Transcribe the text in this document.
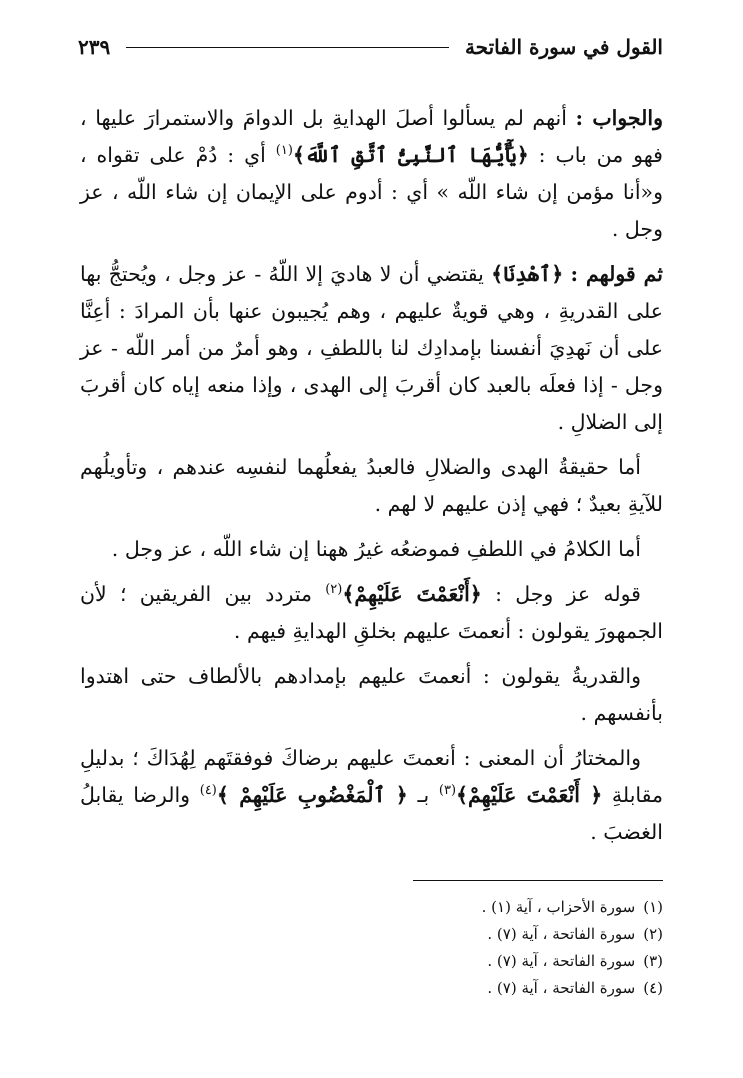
القول في سورة الفاتحة
٢٣٩

والجواب : أنهم لم يسألوا أصلَ الهدايةِ بل الدوامَ والاستمرارَ عليها ، فهو من باب : ﴿يَٰٓأَيُّهَا ٱلنَّبِىُّ ٱتَّقِ ٱللَّهَ﴾$^{(١)}$ أي : دُمْ على تقواه ، و«أنا مؤمن إن شاء اللّه » أي : أدوم على الإيمان إن شاء اللّه ، عز وجل .

ثم قولهم : ﴿ٱهْدِنَا﴾ يقتضي أن لا هاديَ إلا اللّهُ - عز وجل ، ويُحتجُّ بها على القدريةِ ، وهي قويةٌ عليهم ، وهم يُجيبون عنها بأن المرادَ : أعِنَّا على أن نَهدِيَ أنفسنا بإمدادِك لنا باللطفِ ، وهو أمرٌ من أمر اللّه - عز وجل - إذا فعلَه بالعبد كان أقربَ إلى الهدى ، وإذا منعه إياه كان أقربَ إلى الضلالِ .

أما حقيقةُ الهدى والضلالِ فالعبدُ يفعلُهما لنفسِه عندهم ، وتأويلُهم للآيةِ بعيدٌ ؛ فهي إذن عليهم لا لهم .

أما الكلامُ في اللطفِ فموضعُه غيرُ ههنا إن شاء اللّه ، عز وجل .

قوله عز وجل : ﴿أَنْعَمْتَ عَلَيْهِمْ﴾$^{(٢)}$ متردد بين الفريقين ؛ لأن الجمهورَ يقولون : أنعمتَ عليهم بخلقِ الهدايةِ فيهم .

والقدريةُ يقولون : أنعمتَ عليهم بإمدادهم بالألطاف حتى اهتدوا بأنفسهم .

والمختارُ أن المعنى : أنعمتَ عليهم برضاكَ فوفقتَهم لِهُدَاكَ ؛ بدليلِ مقابلةِ ﴿ أَنْعَمْتَ عَلَيْهِمْ﴾$^{(٣)}$ بـ ﴿ ٱلْمَغْضُوبِ عَلَيْهِمْ ﴾$^{(٤)}$ والرضا يقابلُ الغضبَ .

(١)سورة الأحزاب ، آية (١) .
(٢)سورة الفاتحة ، آية (٧) .
(٣)سورة الفاتحة ، آية (٧) .
(٤)سورة الفاتحة ، آية (٧) .
